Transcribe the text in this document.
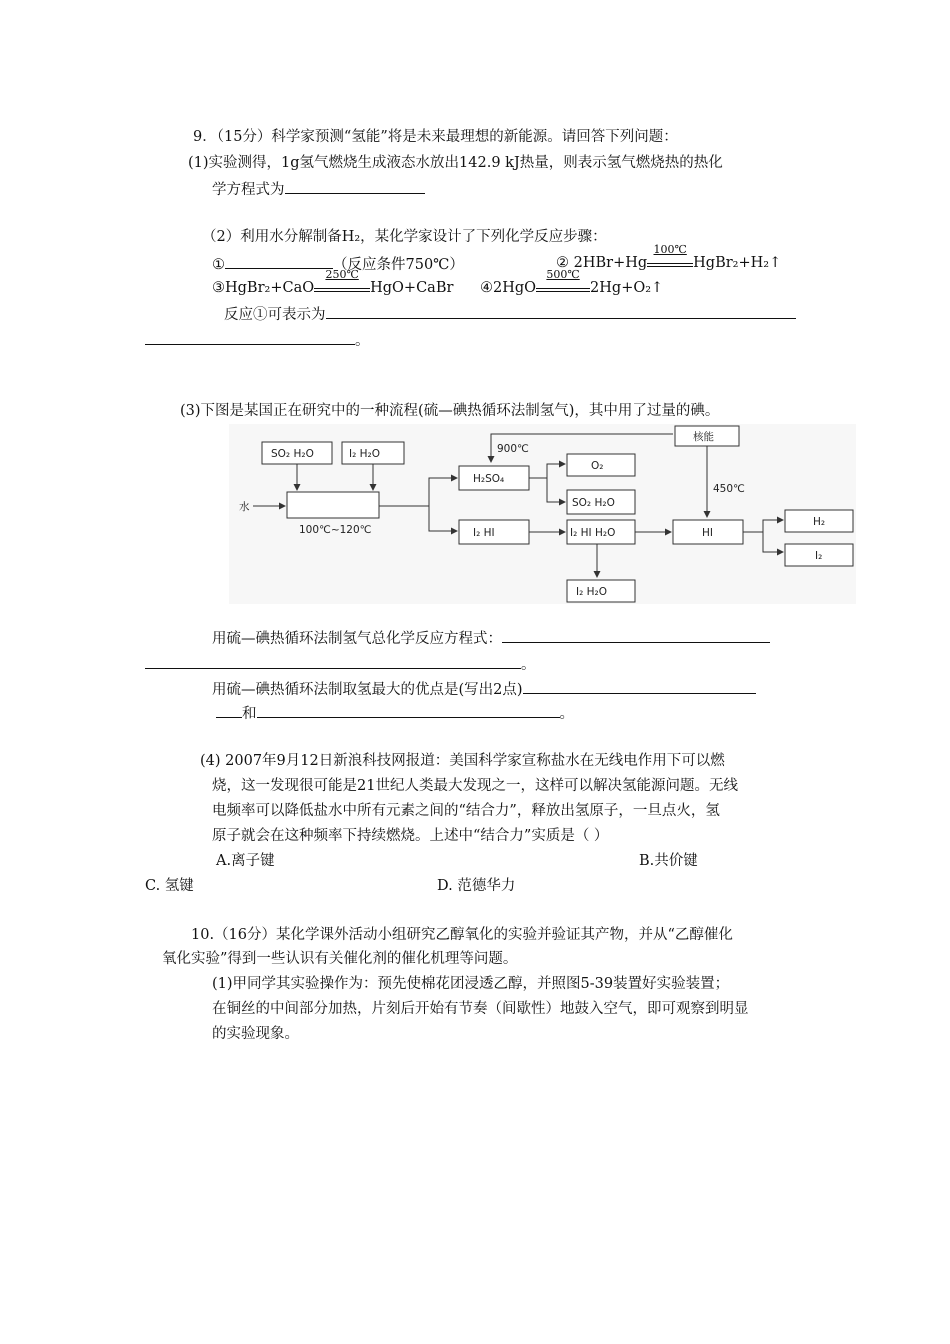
9．（15分）科学家预测“氢能”将是未来最理想的新能源。请回答下列问题：
(1)实验测得，1g氢气燃烧生成液态水放出142.9 kJ热量，则表示氢气燃烧热的热化
学方程式为
（2）利用水分解制备H₂，某化学家设计了下列化学反应步骤：
①	（反应条件750℃）	② 2HBr+Hg
100℃
HgBr₂+H₂↑
③HgBr₂+CaO
250℃
HgO+CaBr ④2HgO
500℃
2Hg+O₂↑
反应①可表示为
。
(3)下图是某国正在研究中的一种流程(硫—碘热循环法制氢气)，其中用了过量的碘。
SO₂ H₂O	I₂ H₂O
水
100℃~120℃
H₂SO₄
900℃
O₂
SO₂ H₂O
核能
450℃
I₂ HI	I₂ HI H₂O	HI
H₂
I₂
I₂ H₂O
用硫—碘热循环法制氢气总化学反应方程式：
。
用硫—碘热循环法制取氢最大的优点是(写出2点)
和	。
(4) 2007年9月12日新浪科技网报道：美国科学家宣称盐水在无线电作用下可以燃
烧，这一发现很可能是21世纪人类最大发现之一，这样可以解决氢能源问题。无线
电频率可以降低盐水中所有元素之间的“结合力”，释放出氢原子，一旦点火，氢
原子就会在这种频率下持续燃烧。上述中“结合力”实质是（ ）
A.离子键	B.共价键
C. 氢键	D. 范德华力
10.（16分）某化学课外活动小组研究乙醇氧化的实验并验证其产物，并从“乙醇催化
氧化实验”得到一些认识有关催化剂的催化机理等问题。
(1)甲同学其实验操作为：预先使棉花团浸透乙醇，并照图5-39装置好实验装置；
在铜丝的中间部分加热，片刻后开始有节奏（间歇性）地鼓入空气，即可观察到明显
的实验现象。
